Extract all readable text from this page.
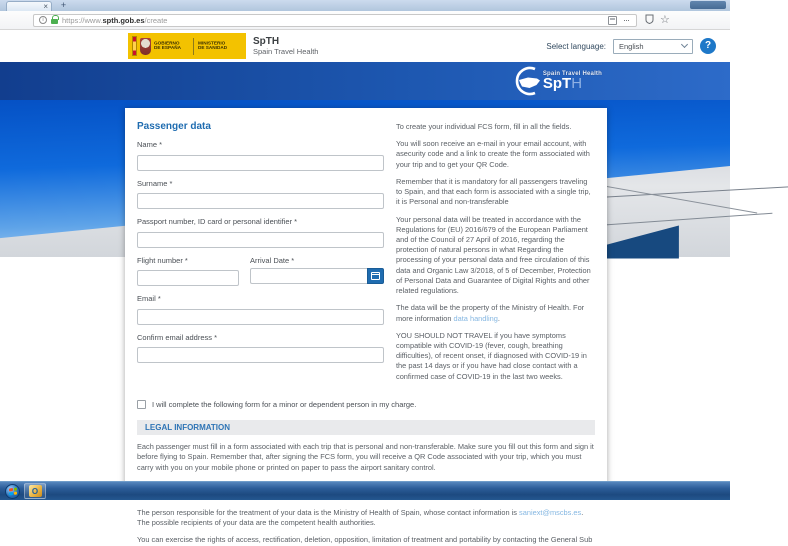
×	+
i	https://www.spth.gob.es/create	···	☆
GOBIERNO
DE ESPAÑA
MINISTERIO
DE SANIDAD
SpTH
Spain Travel Health
Select language: English	?
Spain Travel Health
SpTH
Passenger data
Name *
Surname *
Passport number, ID card or personal identifier *
Flight number *	Arrival Date *
Email *
Confirm email address *

To create your individual FCS form, fill in all the fields.

You will soon receive an e-mail in your email account, with asecurity code and a link to create the form associated with your trip and to get your QR Code.

Remember that it is mandatory for all passengers traveling to Spain, and that each form is associated with a single trip, it is Personal and non-transferable

Your personal data will be treated in accordance with the Regulations for (EU) 2016/679 of the European Parliament and of the Council of 27 April of 2016, regarding the protection of natural persons in what Regarding the processing of your personal data and free circulation of this data and Organic Law 3/2018, of 5 of December, Protection of Personal Data and Guarantee of Digital Rights and other related regulations.

The data will be the property of the Ministry of Health. For more information data handling.

YOU SHOULD NOT TRAVEL if you have symptoms compatible with COVID-19 (fever, cough, breathing difficulties), of recent onset, if diagnosed with COVID-19 in the past 14 days or if you have had close contact with a confirmed case of COVID-19 in the last two weeks.

I will complete the following form for a minor or dependent person in my charge.
LEGAL INFORMATION

Each passenger must fill in a form associated with each trip that is personal and non-transferable. Make sure you fill out this form and sign it before flying to Spain. Remember that, after signing the FCS form, you will receive a QR Code associated with your trip, which you must carry with you on your mobile phone or printed on paper to pass the airport sanitary control.

The person responsible for the treatment of your data is the Ministry of Health of Spain, whose contact information is saniext@mscbs.es. The possible recipients of your data are the competent health authorities.

You can exercise the rights of access, rectification, deletion, opposition, limitation of treatment and portability by contacting the General Sub

O
